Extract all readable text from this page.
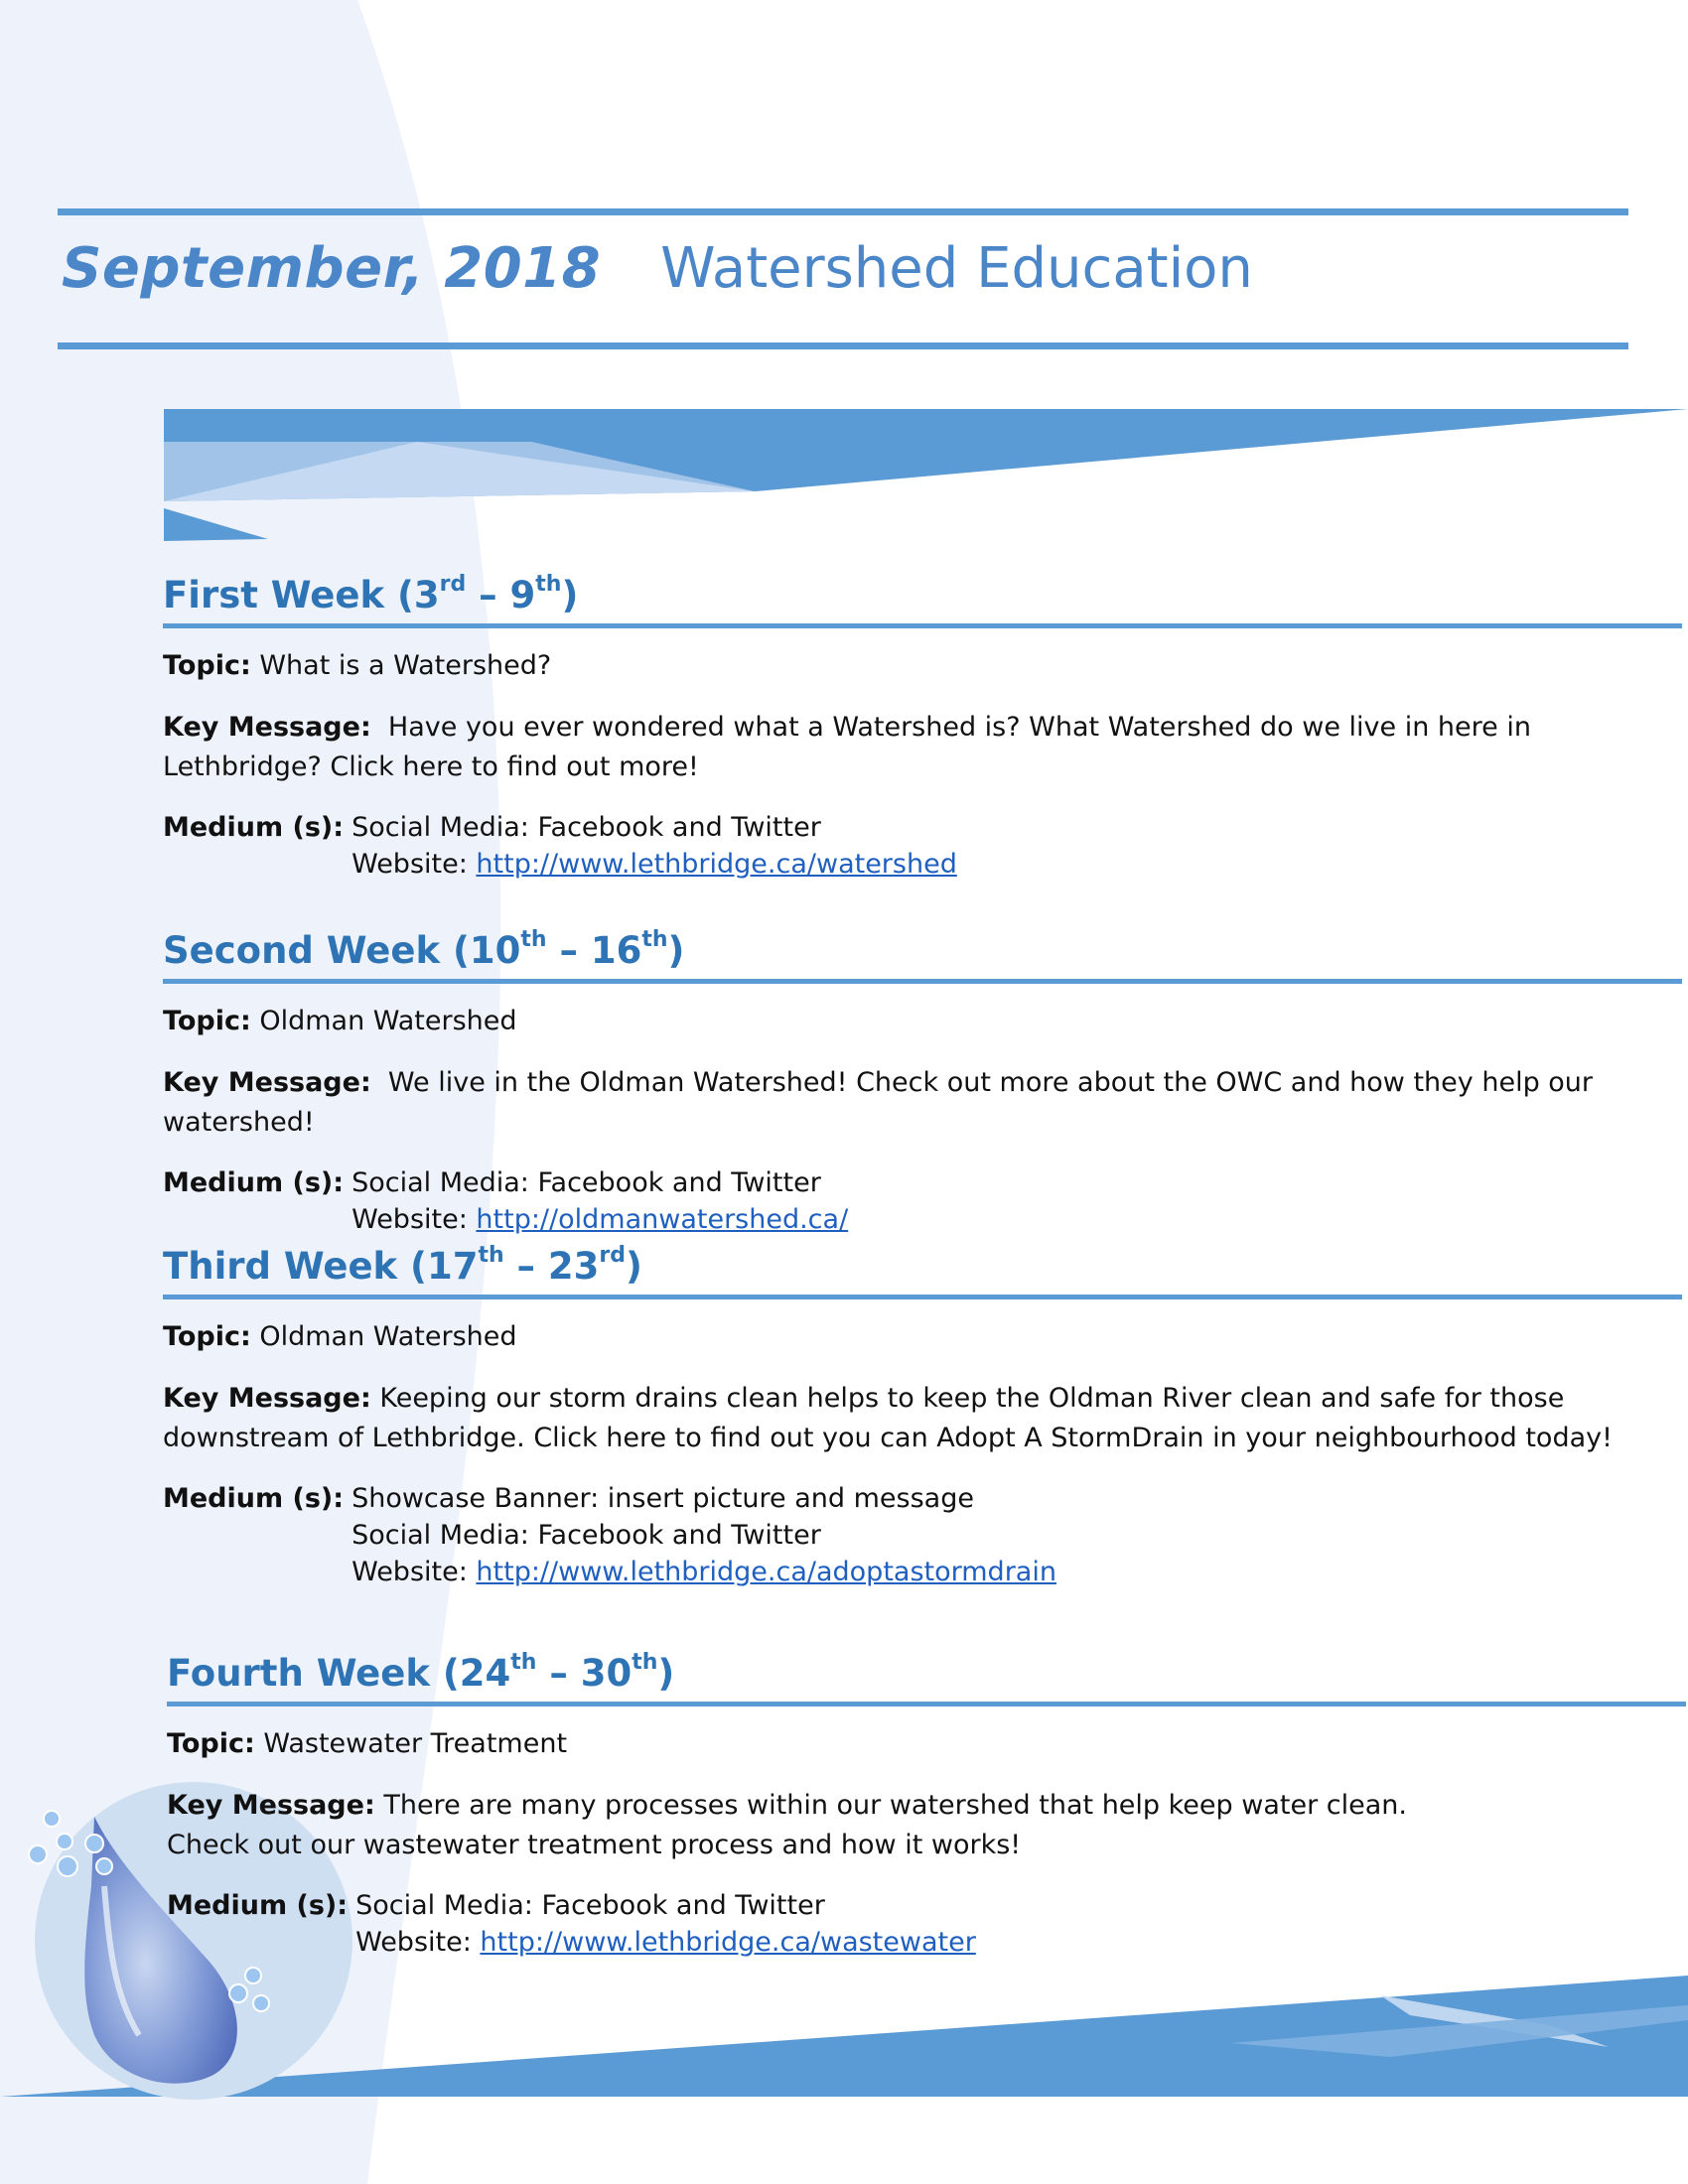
September, 2018 Watershed Education
First Week (3rd – 9th)
Topic: What is a Watershed?
Key Message: Have you ever wondered what a Watershed is? What Watershed do we live in here in Lethbridge? Click here to find out more!
Medium (s): Social Media: Facebook and Twitter
Website: http://www.lethbridge.ca/watershed
Second Week (10th – 16th)
Topic: Oldman Watershed
Key Message: We live in the Oldman Watershed! Check out more about the OWC and how they help our watershed!
Medium (s): Social Media: Facebook and Twitter
Website: http://oldmanwatershed.ca/
Third Week (17th – 23rd)
Topic: Oldman Watershed
Key Message: Keeping our storm drains clean helps to keep the Oldman River clean and safe for those downstream of Lethbridge. Click here to find out you can Adopt A StormDrain in your neighbourhood today!
Medium (s): Showcase Banner: insert picture and message
Social Media: Facebook and Twitter
Website: http://www.lethbridge.ca/adoptastormdrain
Fourth Week (24th – 30th)
Topic: Wastewater Treatment
Key Message: There are many processes within our watershed that help keep water clean. Check out our wastewater treatment process and how it works!
Medium (s): Social Media: Facebook and Twitter
Website: http://www.lethbridge.ca/wastewater
